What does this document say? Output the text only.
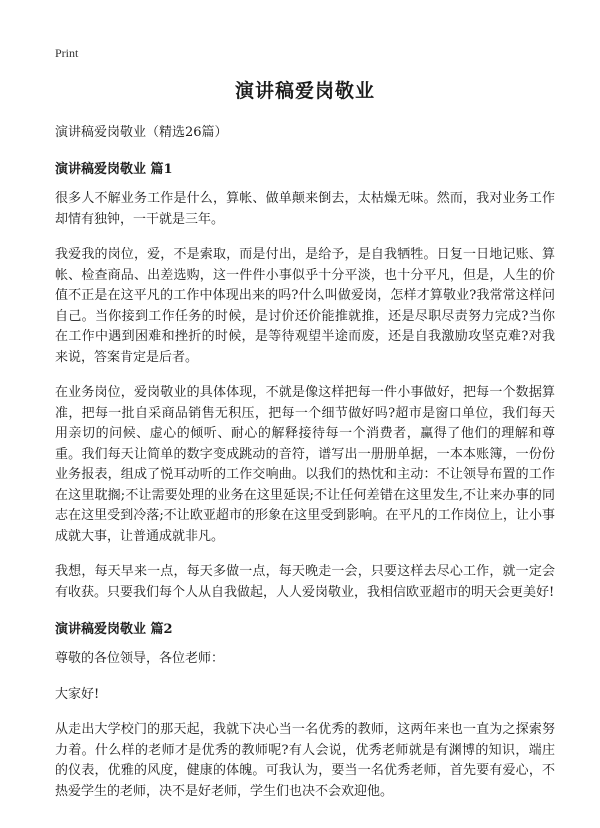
Print
演讲稿爱岗敬业
演讲稿爱岗敬业（精选26篇）
演讲稿爱岗敬业 篇1

很多人不解业务工作是什么，算帐、做单颠来倒去，太枯燥无味。然而，我对业务工作却情有独钟，一干就是三年。

我爱我的岗位，爱，不是索取，而是付出，是给予，是自我牺牲。日复一日地记账、算帐、检查商品、出差选购，这一件件小事似乎十分平淡，也十分平凡，但是，人生的价值不正是在这平凡的工作中体现出来的吗?什么叫做爱岗，怎样才算敬业?我常常这样问自己。当你接到工作任务的时候，是讨价还价能推就推，还是尽职尽责努力完成?当你在工作中遇到困难和挫折的时候，是等待观望半途而废，还是自我激励攻坚克难?对我来说，答案肯定是后者。

在业务岗位，爱岗敬业的具体体现，不就是像这样把每一件小事做好，把每一个数据算准，把每一批自采商品销售无积压，把每一个细节做好吗?超市是窗口单位，我们每天用亲切的问候、虚心的倾听、耐心的解释接待每一个消费者，赢得了他们的理解和尊重。我们每天让简单的数字变成跳动的音符，谱写出一册册单据，一本本账簿，一份份业务报表，组成了悦耳动听的工作交响曲。以我们的热忱和主动：不让领导布置的工作在这里耽搁;不让需要处理的业务在这里延误;不让任何差错在这里发生,不让来办事的同志在这里受到冷落;不让欧亚超市的形象在这里受到影响。在平凡的工作岗位上，让小事成就大事，让普通成就非凡。

我想，每天早来一点，每天多做一点，每天晚走一会，只要这样去尽心工作，就一定会有收获。只要我们每个人从自我做起，人人爱岗敬业，我相信欧亚超市的明天会更美好!

演讲稿爱岗敬业 篇2

尊敬的各位领导，各位老师：

大家好!

从走出大学校门的那天起，我就下决心当一名优秀的教师，这两年来也一直为之探索努力着。什么样的老师才是优秀的教师呢?有人会说，优秀老师就是有渊博的知识，端庄的仪表，优雅的风度，健康的体魄。可我认为，要当一名优秀老师，首先要有爱心，不热爱学生的老师，决不是好老师，学生们也决不会欢迎他。
